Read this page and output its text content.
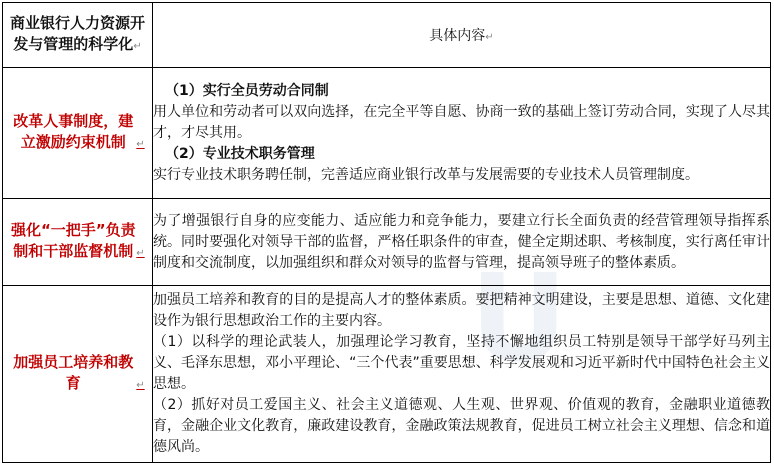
U
商业银行人力资源开发与管理的科学化↵	具体内容↵
改革人事制度，建立激励约束机制 ↵	（1）实行全员劳动合同制

用人单位和劳动者可以双向选择，在完全平等自愿、协商一致的基础上签订劳动合同，实现了人尽其才，才尽其用。

（2）专业技术职务管理

实行专业技术职务聘任制，完善适应商业银行改革与发展需要的专业技术人员管理制度。

强化“一把手”负责制和干部监督机制 ↵	为了增强银行自身的应变能力、适应能力和竞争能力，要建立行长全面负责的经营管理领导指挥系统。同时要强化对领导干部的监督，严格任职条件的审查，健全定期述职、考核制度，实行离任审计制度和交流制度，以加强组织和群众对领导的监督与管理，提高领导班子的整体素质。

加强员工培养和教育 ↵	加强员工培养和教育的目的是提高人才的整体素质。要把精神文明建设，主要是思想、道德、文化建设作为银行思想政治工作的主要内容。

（1）以科学的理论武装人，加强理论学习教育，坚持不懈地组织员工特别是领导干部学好马列主义、毛泽东思想，邓小平理论、“三个代表”重要思想、科学发展观和习近平新时代中国特色社会主义思想。

（2）抓好对员工爱国主义、社会主义道德观、人生观、世界观、价值观的教育，金融职业道德教育，金融企业文化教育，廉政建设教育，金融政策法规教育，促进员工树立社会主义理想、信念和道德风尚。
